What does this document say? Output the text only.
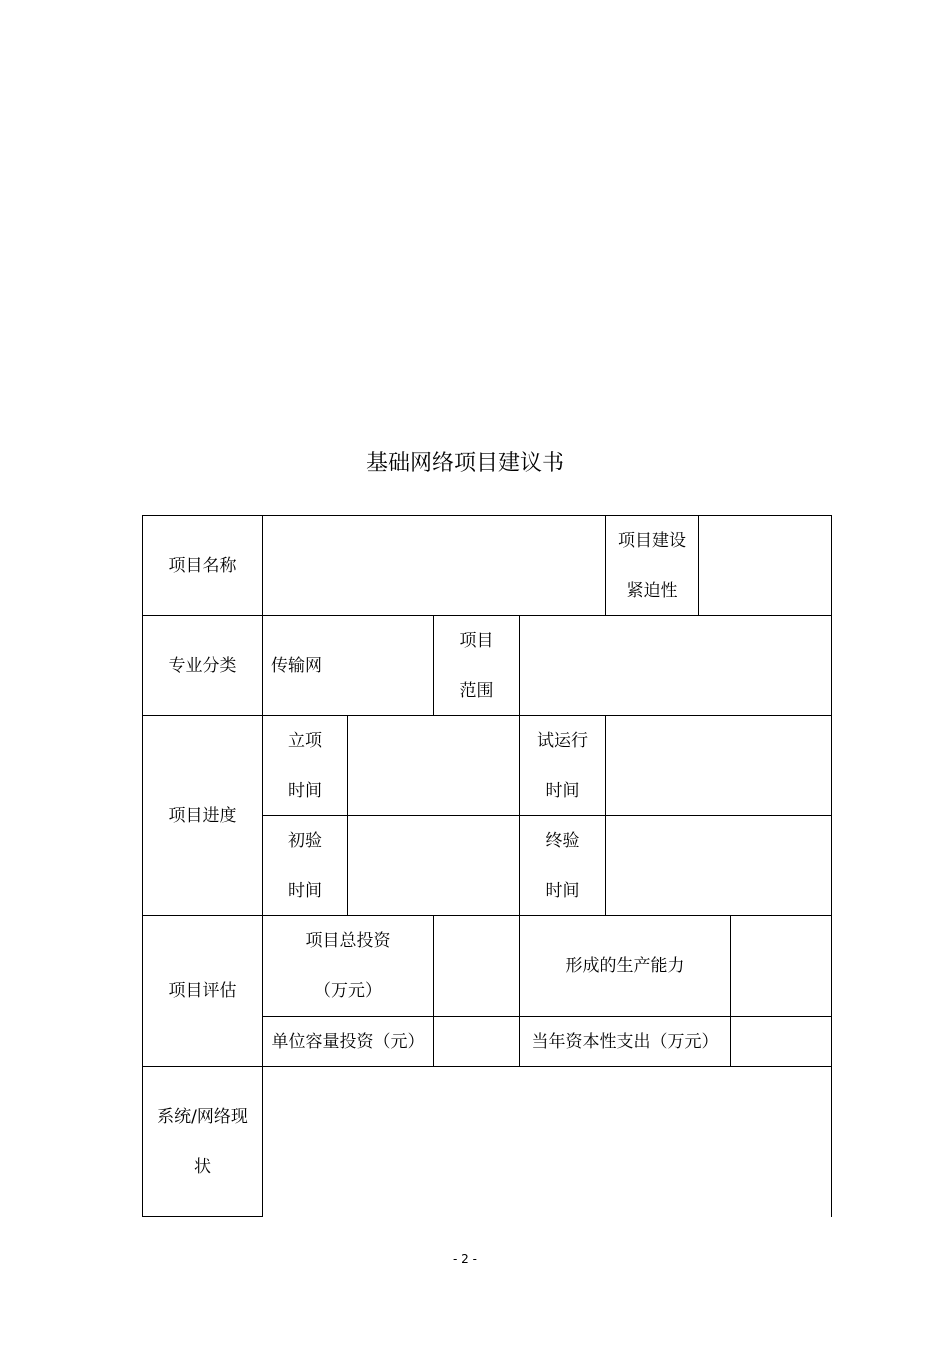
基础网络项目建议书
项目名称
项目建设
紧迫性
专业分类 传输网
项目
范围
项目进度
立项
时间
试运行
时间
初验
时间
终验
时间
项目评估
项目总投资
（万元）
形成的生产能力
单位容量投资（元）	当年资本性支出（万元）
系统/网络现
状
- 2 -
